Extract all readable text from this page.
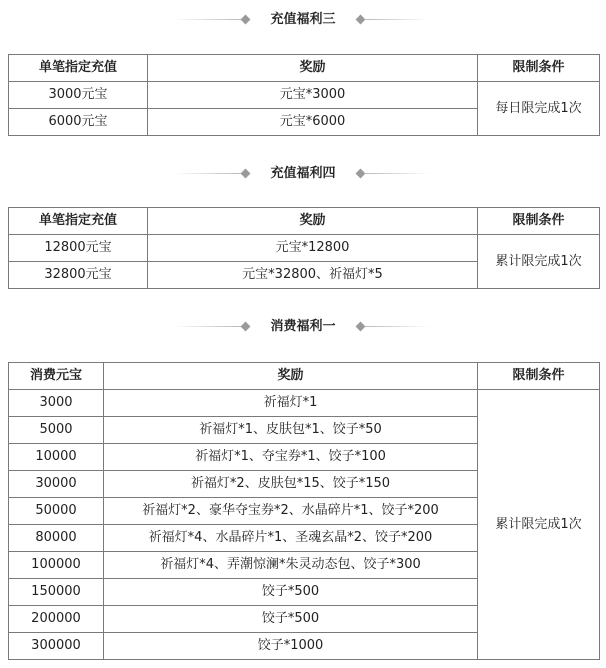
充值福利三
单笔指定充值	奖励	限制条件
3000元宝	元宝*3000	每日限完成1次
6000元宝	元宝*6000	
充值福利四
单笔指定充值	奖励	限制条件
12800元宝	元宝*12800	累计限完成1次
32800元宝	元宝*32800、祈福灯*5	
消费福利一
消费元宝	奖励	限制条件
3000	祈福灯*1	累计限完成1次
5000	祈福灯*1、皮肤包*1、饺子*50	
10000	祈福灯*1、夺宝券*1、饺子*100	
30000	祈福灯*2、皮肤包*15、饺子*150	
50000	祈福灯*2、豪华夺宝券*2、水晶碎片*1、饺子*200	
80000	祈福灯*4、水晶碎片*1、圣魂玄晶*2、饺子*200	
100000	祈福灯*4、弄潮惊澜*朱灵动态包、饺子*300	
150000	饺子*500	
200000	饺子*500	
300000	饺子*1000	
